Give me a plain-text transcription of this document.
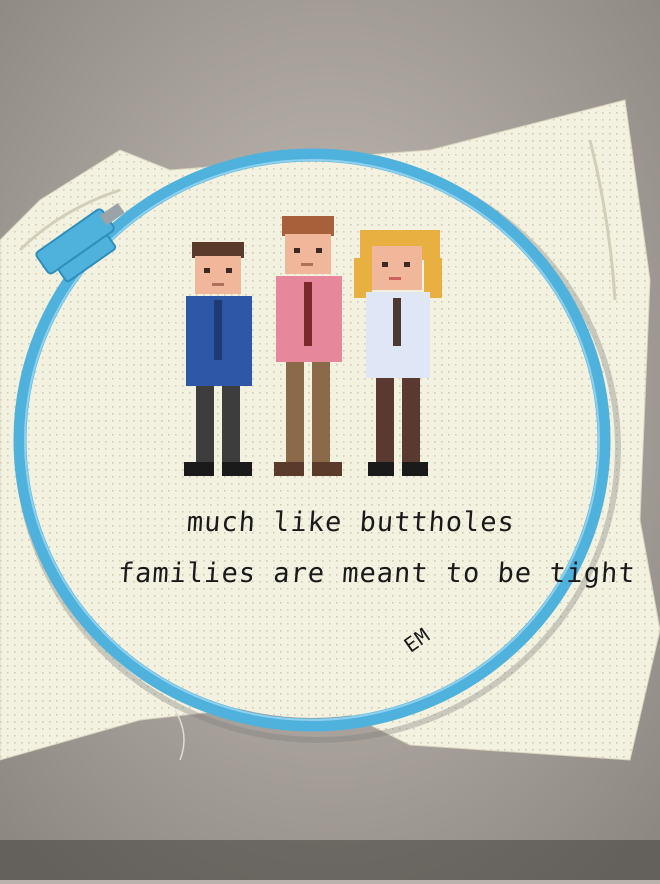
much like buttholes
families are meant to be tight
EM
